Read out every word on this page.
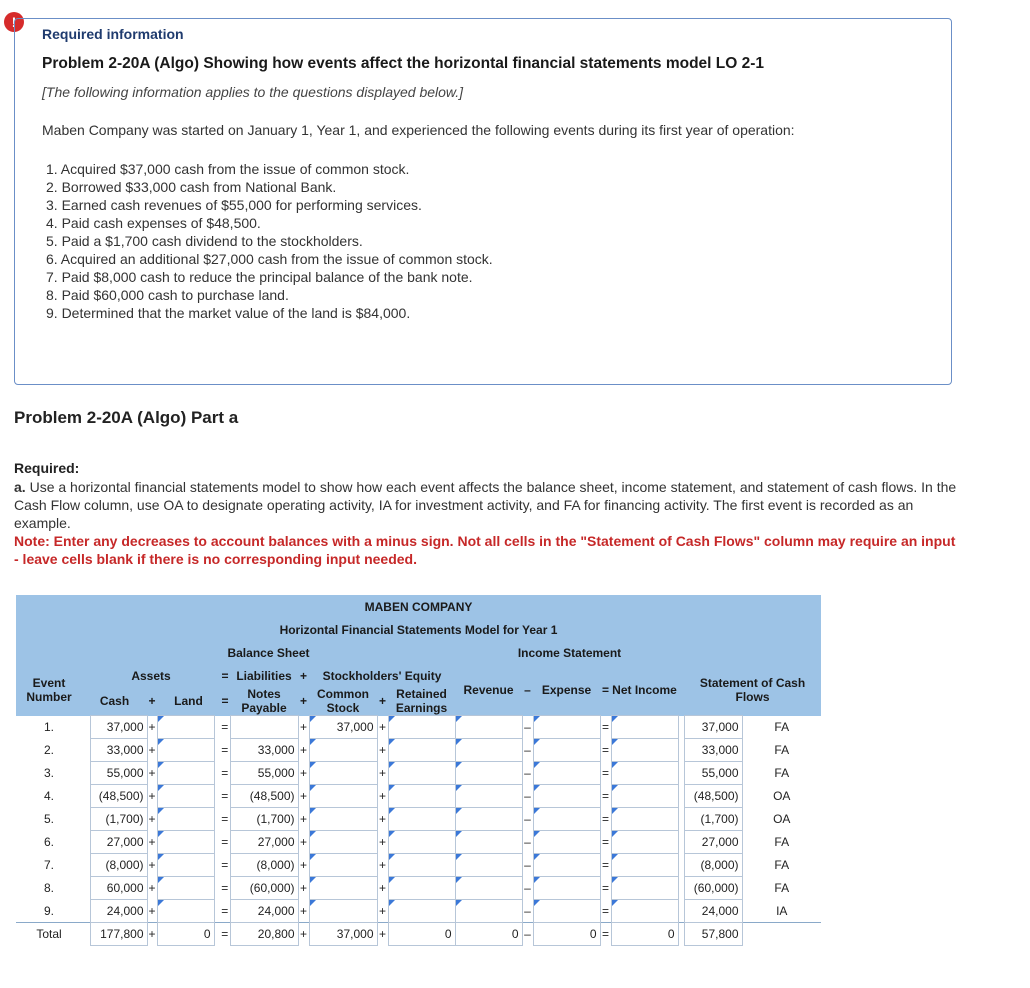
!
Required information
Problem 2-20A (Algo) Showing how events affect the horizontal financial statements model LO 2-1
[The following information applies to the questions displayed below.]
Maben Company was started on January 1, Year 1, and experienced the following events during its first year of operation:
1. Acquired $37,000 cash from the issue of common stock.
2. Borrowed $33,000 cash from National Bank.
3. Earned cash revenues of $55,000 for performing services.
4. Paid cash expenses of $48,500.
5. Paid a $1,700 cash dividend to the stockholders.
6. Acquired an additional $27,000 cash from the issue of common stock.
7. Paid $8,000 cash to reduce the principal balance of the bank note.
8. Paid $60,000 cash to purchase land.
9. Determined that the market value of the land is $84,000.
Problem 2-20A (Algo) Part a
Required:
a. Use a horizontal financial statements model to show how each event affects the balance sheet, income statement, and statement of cash flows. In the Cash Flow column, use OA to designate operating activity, IA for investment activity, and FA for financing activity. The first event is recorded as an example.
Note: Enter any decreases to account balances with a minus sign. Not all cells in the "Statement of Cash Flows" column may require an input - leave cells blank if there is no corresponding input needed.
MABEN COMPANY																			
Horizontal Financial Statements Model for Year 1																			
	Balance Sheet											Income Statement							
Event Number	Assets					=	Liabilities	+	Stockholders' Equity			Revenue	–	Expense	=	Net Income		Statement of Cash Flows	
	Cash		+	Land		=	Notes Payable	+	Common Stock	+	Retained Earnings								
1.		37,000	+			=		+	37,000	+			–		=			37,000	FA
2.		33,000	+			=	33,000	+		+			–		=			33,000	FA
3.		55,000	+			=	55,000	+		+			–		=			55,000	FA
4.		(48,500)	+			=	(48,500)	+		+			–		=			(48,500)	OA
5.		(1,700)	+			=	(1,700)	+		+			–		=			(1,700)	OA
6.		27,000	+			=	27,000	+		+			–		=			27,000	FA
7.		(8,000)	+			=	(8,000)	+		+			–		=			(8,000)	FA
8.		60,000	+			=	(60,000)	+		+			–		=			(60,000)	FA
9.		24,000	+			=	24,000	+		+			–		=			24,000	IA
Total		177,800	+	0		=	20,800	+	37,000	+	0	0	–	0	=	0		57,800	
